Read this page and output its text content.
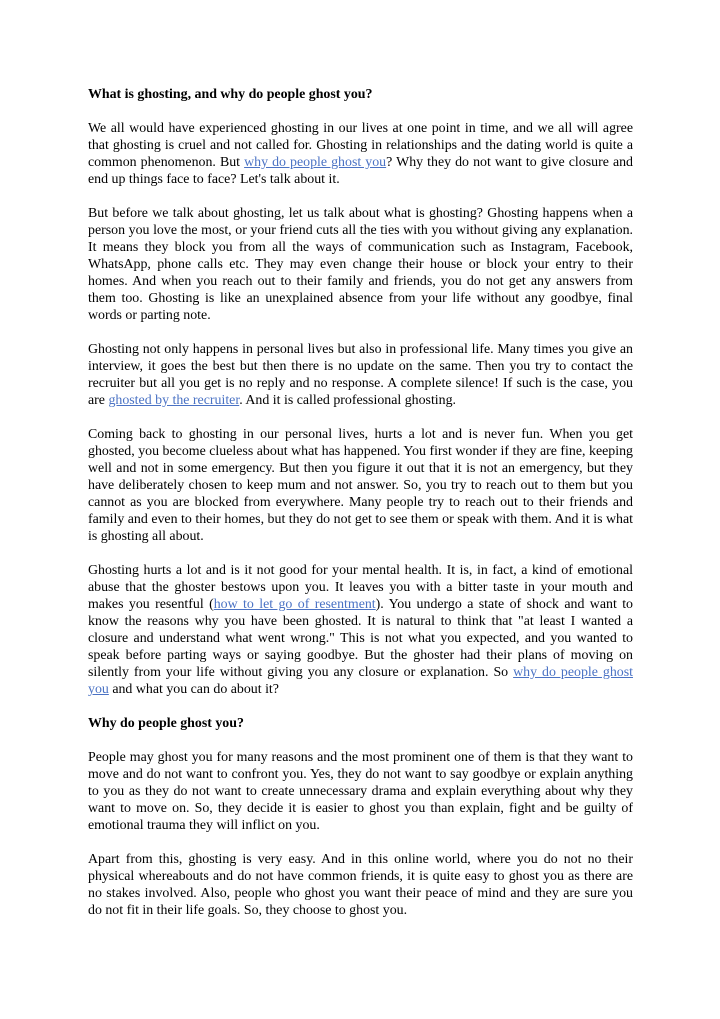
What is ghosting, and why do people ghost you?

We all would have experienced ghosting in our lives at one point in time, and we all will agree that ghosting is cruel and not called for. Ghosting in relationships and the dating world is quite a common phenomenon. But why do people ghost you? Why they do not want to give closure and end up things face to face? Let's talk about it.

But before we talk about ghosting, let us talk about what is ghosting? Ghosting happens when a person you love the most, or your friend cuts all the ties with you without giving any explanation. It means they block you from all the ways of communication such as Instagram, Facebook, WhatsApp, phone calls etc. They may even change their house or block your entry to their homes. And when you reach out to their family and friends, you do not get any answers from them too. Ghosting is like an unexplained absence from your life without any goodbye, final words or parting note.

Ghosting not only happens in personal lives but also in professional life. Many times you give an interview, it goes the best but then there is no update on the same. Then you try to contact the recruiter but all you get is no reply and no response. A complete silence! If such is the case, you are ghosted by the recruiter. And it is called professional ghosting.

Coming back to ghosting in our personal lives, hurts a lot and is never fun. When you get ghosted, you become clueless about what has happened. You first wonder if they are fine, keeping well and not in some emergency. But then you figure it out that it is not an emergency, but they have deliberately chosen to keep mum and not answer. So, you try to reach out to them but you cannot as you are blocked from everywhere. Many people try to reach out to their friends and family and even to their homes, but they do not get to see them or speak with them. And it is what is ghosting all about.

Ghosting hurts a lot and is it not good for your mental health. It is, in fact, a kind of emotional abuse that the ghoster bestows upon you. It leaves you with a bitter taste in your mouth and makes you resentful (how to let go of resentment). You undergo a state of shock and want to know the reasons why you have been ghosted. It is natural to think that "at least I wanted a closure and understand what went wrong." This is not what you expected, and you wanted to speak before parting ways or saying goodbye. But the ghoster had their plans of moving on silently from your life without giving you any closure or explanation. So why do people ghost you and what you can do about it?

Why do people ghost you?

People may ghost you for many reasons and the most prominent one of them is that they want to move and do not want to confront you. Yes, they do not want to say goodbye or explain anything to you as they do not want to create unnecessary drama and explain everything about why they want to move on. So, they decide it is easier to ghost you than explain, fight and be guilty of emotional trauma they will inflict on you.

Apart from this, ghosting is very easy. And in this online world, where you do not no their physical whereabouts and do not have common friends, it is quite easy to ghost you as there are no stakes involved. Also, people who ghost you want their peace of mind and they are sure you do not fit in their life goals. So, they choose to ghost you.
